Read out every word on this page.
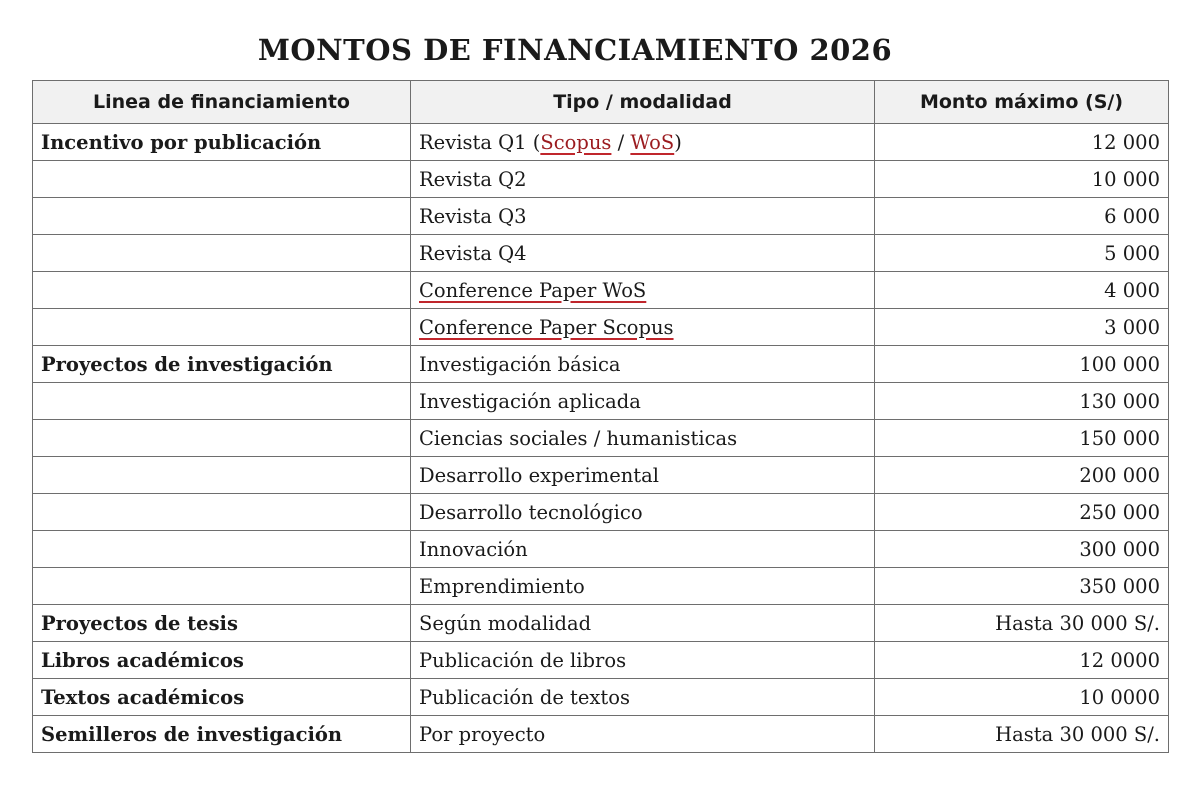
MONTOS DE FINANCIAMIENTO 2026
Linea de financiamiento	Tipo / modalidad	Monto máximo (S/)
Incentivo por publicación	Revista Q1 (Scopus / WoS)	12 000
	Revista Q2	10 000
	Revista Q3	6 000
	Revista Q4	5 000
	Conference Paper WoS	4 000
	Conference Paper Scopus	3 000
Proyectos de investigación	Investigación básica	100 000
	Investigación aplicada	130 000
	Ciencias sociales / humanisticas	150 000
	Desarrollo experimental	200 000
	Desarrollo tecnológico	250 000
	Innovación	300 000
	Emprendimiento	350 000
Proyectos de tesis	Según modalidad	Hasta 30 000 S/.
Libros académicos	Publicación de libros	12 0000
Textos académicos	Publicación de textos	10 0000
Semilleros de investigación	Por proyecto	Hasta 30 000 S/.
